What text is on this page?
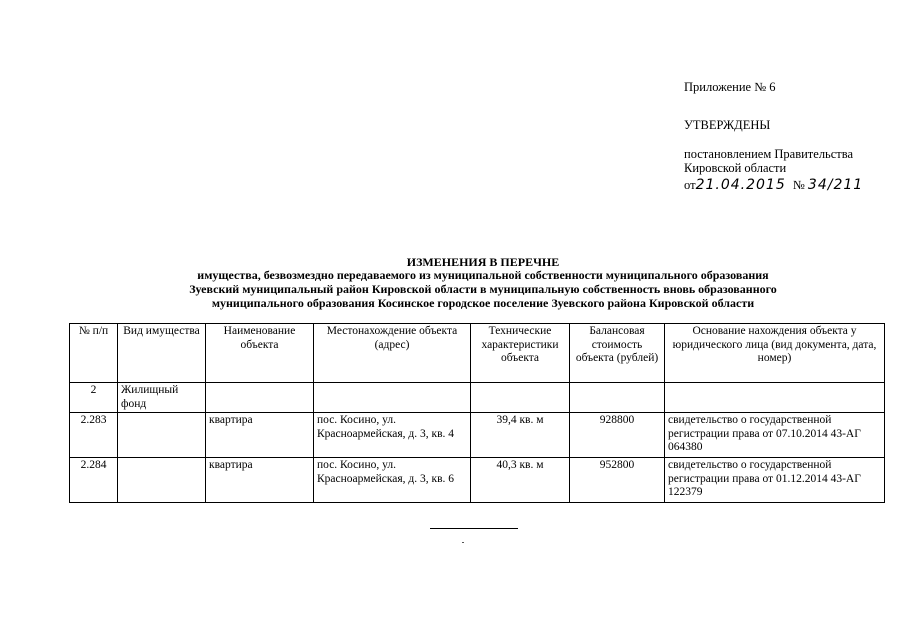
Приложение № 6
УТВЕРЖДЕНЫ
постановлением Правительства
Кировской области
от21.04.2015 № 34/211
ИЗМЕНЕНИЯ В ПЕРЕЧНЕ
имущества, безвозмездно передаваемого из муниципальной собственности муниципального образования
Зуевский муниципальный район Кировской области в муниципальную собственность вновь образованного
муниципального образования Косинское городское поселение Зуевского района Кировской области
№ п/п	Вид имущества	Наименование объекта	Местонахождение объекта (адрес)	Технические характеристики объекта	Балансовая стоимость объекта (рублей)	Основание нахождения объекта у юридического лица (вид документа, дата, номер)
2	Жилищный фонд					
2.283		квартира	пос. Косино, ул. Красноармейская, д. 3, кв. 4	39,4 кв. м	928800	свидетельство о государственной регистрации права от 07.10.2014 43-АГ 064380
2.284		квартира	пос. Косино, ул. Красноармейская, д. 3, кв. 6	40,3 кв. м	952800	свидетельство о государственной регистрации права от 01.12.2014 43-АГ 122379
